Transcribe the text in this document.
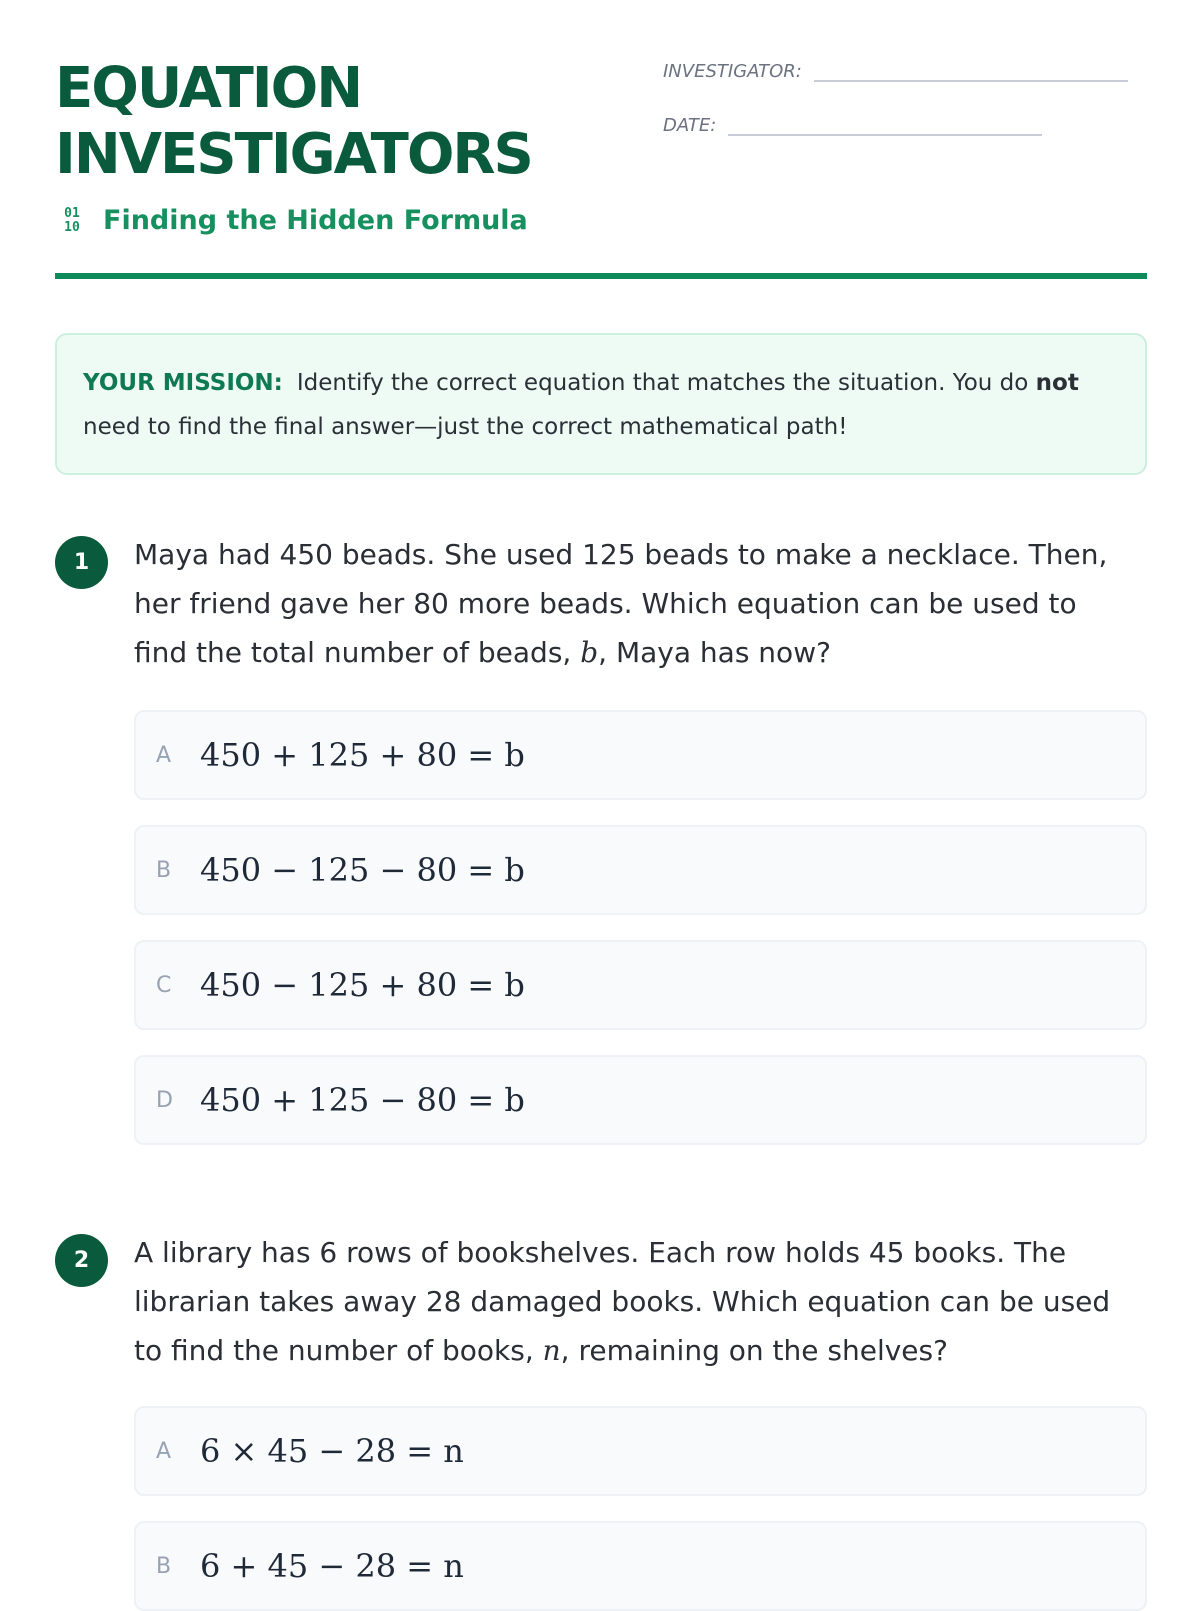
EQUATION
INVESTIGATORS
01
10 Finding the Hidden Formula
INVESTIGATOR:
DATE:
YOUR MISSION: Identify the correct equation that matches the situation. You do not need to find the final answer—just the correct mathematical path!
1	Maya had 450 beads. She used 125 beads to make a necklace. Then, her friend gave her 80 more beads. Which equation can be used to find the total number of beads, b, Maya has now?
A 450 + 125 + 80 = b
B 450 − 125 − 80 = b
C 450 − 125 + 80 = b
D 450 + 125 − 80 = b
2	A library has 6 rows of bookshelves. Each row holds 45 books. The librarian takes away 28 damaged books. Which equation can be used to find the number of books, n, remaining on the shelves?
A 6 × 45 − 28 = n
B 6 + 45 − 28 = n
